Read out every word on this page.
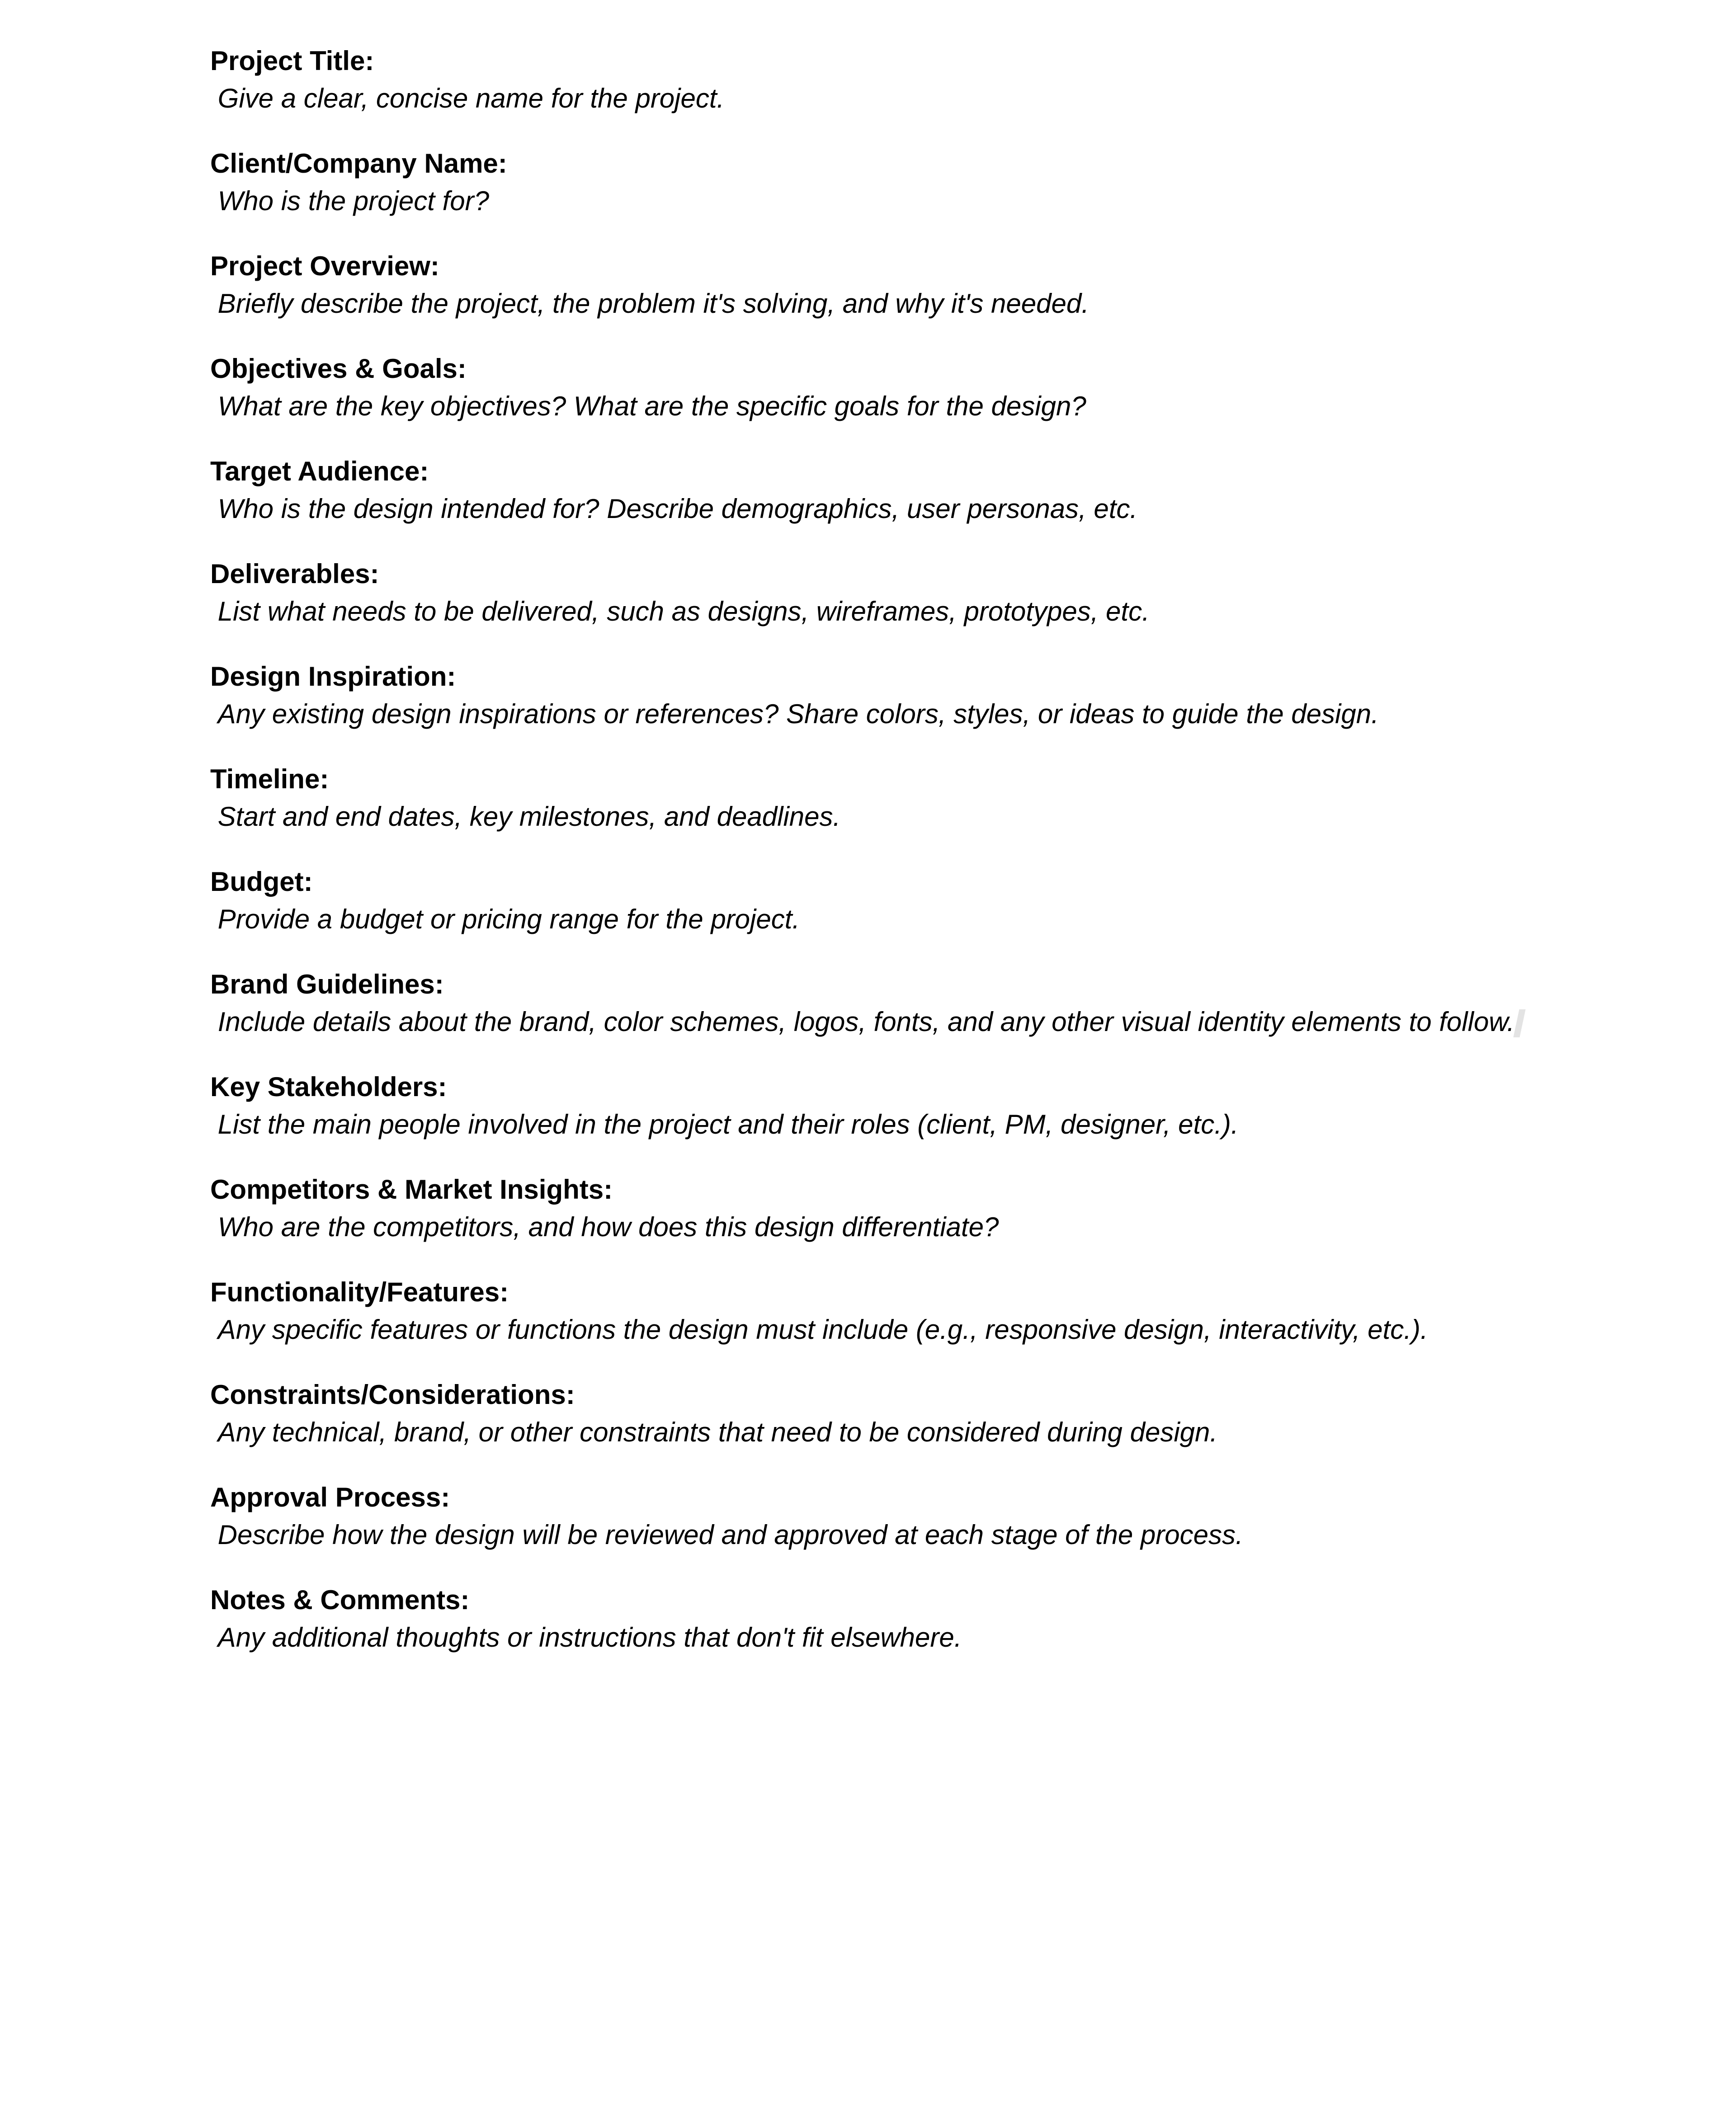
Project Title:
Give a clear, concise name for the project.
Client/Company Name:
Who is the project for?
Project Overview:
Briefly describe the project, the problem it's solving, and why it's needed.
Objectives & Goals:
What are the key objectives? What are the specific goals for the design?
Target Audience:
Who is the design intended for? Describe demographics, user personas, etc.
Deliverables:
List what needs to be delivered, such as designs, wireframes, prototypes, etc.
Design Inspiration:
Any existing design inspirations or references? Share colors, styles, or ideas to guide the design.
Timeline:
Start and end dates, key milestones, and deadlines.
Budget:
Provide a budget or pricing range for the project.
Brand Guidelines:
Include details about the brand, color schemes, logos, fonts, and any other visual identity elements to follow.
Key Stakeholders:
List the main people involved in the project and their roles (client, PM, designer, etc.).
Competitors & Market Insights:
Who are the competitors, and how does this design differentiate?
Functionality/Features:
Any specific features or functions the design must include (e.g., responsive design, interactivity, etc.).
Constraints/Considerations:
Any technical, brand, or other constraints that need to be considered during design.
Approval Process:
Describe how the design will be reviewed and approved at each stage of the process.
Notes & Comments:
Any additional thoughts or instructions that don't fit elsewhere.
